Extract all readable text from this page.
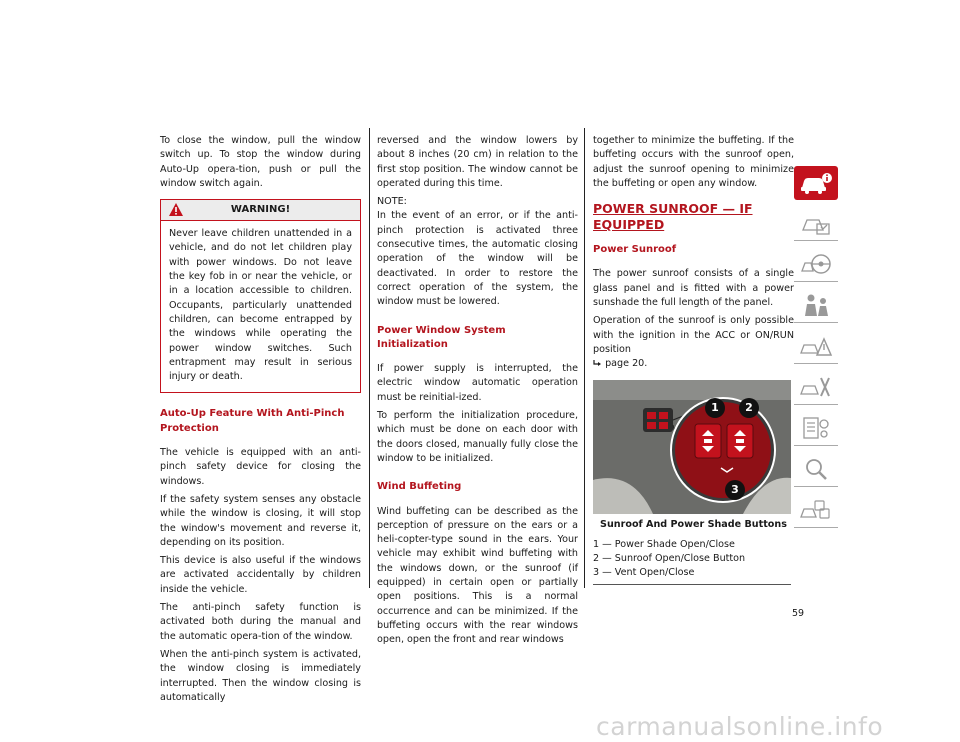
To close the window, pull the window switch up. To stop the window during Auto-Up opera-tion, push or pull the window switch again.

WARNING!

Never leave children unattended in a vehicle, and do not let children play with power windows. Do not leave the key fob in or near the vehicle, or in a location accessible to children. Occupants, particularly unattended children, can become entrapped by the windows while operating the power window switches. Such entrapment may result in serious injury or death.

Auto-Up Feature With Anti-Pinch Protection

The vehicle is equipped with an anti-pinch safety device for closing the windows.

If the safety system senses any obstacle while the window is closing, it will stop the window's movement and reverse it, depending on its position.

This device is also useful if the windows are activated accidentally by children inside the vehicle.

The anti-pinch safety function is activated both during the manual and the automatic opera-tion of the window.

When the anti-pinch system is activated, the window closing is immediately interrupted. Then the window closing is automatically

reversed and the window lowers by about 8 inches (20 cm) in relation to the first stop position. The window cannot be operated during this time.

NOTE:

In the event of an error, or if the anti-pinch protection is activated three consecutive times, the automatic closing operation of the window will be deactivated. In order to restore the correct operation of the system, the window must be lowered.

Power Window System Initialization

If power supply is interrupted, the electric window automatic operation must be reinitial-ized.

To perform the initialization procedure, which must be done on each door with the doors closed, manually fully close the window to be initialized.

Wind Buffeting

Wind buffeting can be described as the perception of pressure on the ears or a heli-copter-type sound in the ears. Your vehicle may exhibit wind buffeting with the windows down, or the sunroof (if equipped) in certain open or partially open positions. This is a normal occurrence and can be minimized. If the buffeting occurs with the rear windows open, open the front and rear windows

together to minimize the buffeting. If the buffeting occurs with the sunroof open, adjust the sunroof opening to minimize the buffeting or open any window.

POWER SUNROOF — IF
EQUIPPED
Power Sunroof

The power sunroof consists of a single glass panel and is fitted with a power sunshade the full length of the panel.

Operation of the sunroof is only possible with the ignition in the ACC or ON/RUN position

page 20.

1	2
3
Sunroof And Power Shade Buttons
1 — Power Shade Open/Close
2 — Sunroof Open/Close Button
3 — Vent Open/Close
59
carmanualsonline.info
